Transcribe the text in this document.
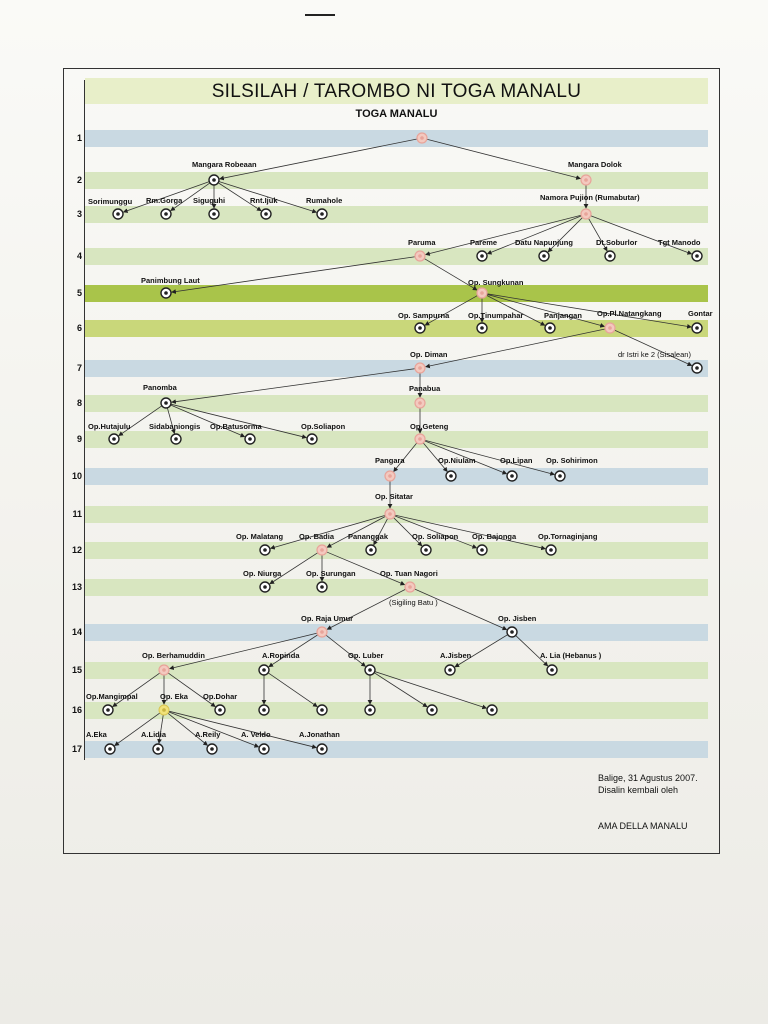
SILSILAH / TAROMBO NI TOGA MANALU
TOGA MANALU
1
2
3
4
5
6
7
8
9
10
11
12
13
14
15
16
17
Mangara Robeaan	Mangara Dolok
Sorimunggu Rm.Gorga Siguguhi	Rnt.Ijuk	Rumahole	Namora Pujion (Rumabutar)
Paruma	Pareme Datu Napunjung	Dt.Soburlor	Tgt Manodo
Panimbung Laut	Op. Sungkunan
Op. Sampurna Op.Tinumpahar	Panjangan Op.Pl.Natangkang	Gontar
Op. Diman	dr Istri ke 2 (Sisalean)
Panomba	Panabua
Op.Hutajulu Sidabaniongis Op.Batusorma	Op.Soliapon	Op.Geteng
Pangara	Op.Niulam	Op.Lipan Op. Sohirimon
Op. Sitatar
Op. Malatang Op. Badia Pananggak	Op. Soliapon Op. Bajonga	Op.Tornaginjang
Op. Niurga	Op. Surungan	Op. Tuan Nagori
(Sigiling Batu )
Op. Raja Umur	Op. Jisben
Op. Berhamuddin	A.Ropinda	Op. Luber	A.Jisben	A. Lia (Hebanus )
Op.Mangimpal	Op. Eka Op.Dohar
A.Eka	A.Lidia	A.Reily	A. Veldo	A.Jonathan
Balige, 31 Agustus 2007.
Disalin kembali oleh
AMA DELLA MANALU
